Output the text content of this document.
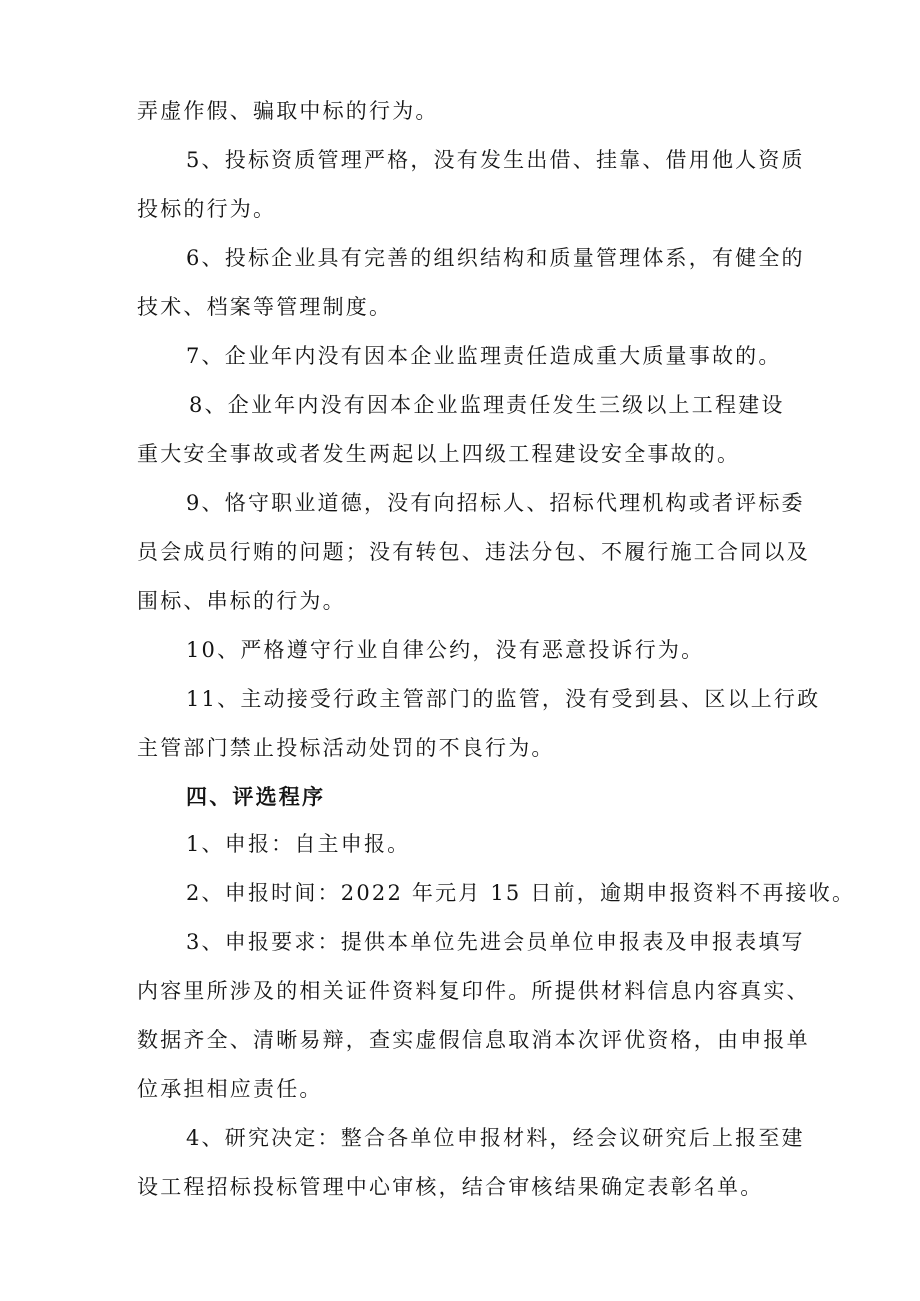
弄虚作假、骗取中标的行为。
5、投标资质管理严格，没有发生出借、挂靠、借用他人资质
投标的行为。
6、投标企业具有完善的组织结构和质量管理体系，有健全的
技术、档案等管理制度。
7、企业年内没有因本企业监理责任造成重大质量事故的。
8、企业年内没有因本企业监理责任发生三级以上工程建设
重大安全事故或者发生两起以上四级工程建设安全事故的。
9、恪守职业道德，没有向招标人、招标代理机构或者评标委
员会成员行贿的问题；没有转包、违法分包、不履行施工合同以及
围标、串标的行为。
10、严格遵守行业自律公约，没有恶意投诉行为。
11、主动接受行政主管部门的监管，没有受到县、区以上行政
主管部门禁止投标活动处罚的不良行为。
四、评选程序
1、申报：自主申报。
2、申报时间：2022 年元月 15 日前，逾期申报资料不再接收。
3、申报要求：提供本单位先进会员单位申报表及申报表填写
内容里所涉及的相关证件资料复印件。所提供材料信息内容真实、
数据齐全、清晰易辩，查实虚假信息取消本次评优资格，由申报单
位承担相应责任。
4、研究决定：整合各单位申报材料，经会议研究后上报至建
设工程招标投标管理中心审核，结合审核结果确定表彰名单。
